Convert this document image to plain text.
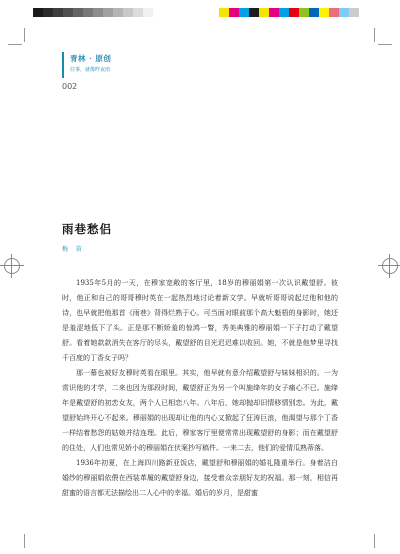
青林 · 原创
往事，就像昨夜雨
002
雨巷愁侣
梅 笛

1935年5月的一天，在穆家宽敞的客厅里，18岁的穆丽娟第一次认识戴望舒。彼时，他正和自己的哥哥穆时英在一起热烈地讨论着新文学。早就听哥哥说起过他和他的诗，也早就把他那首《雨巷》背得烂熟于心。可当面对眼前那个高大魁梧的身影时，她还是羞涩地低下了头。正是那不断娇羞的惊鸿一瞥，秀美典雅的穆丽娟一下子打动了戴望舒。看着她款款消失在客厅的尽头，戴望舒的目光迟迟难以收回。她，不就是他梦里寻找千百度的丁香女子吗？

那一幕也被好友穆时英看在眼里。其实，他早就有意介绍戴望舒与妹妹相识的。一为赏识他的才学，二来也因为那段时间，戴望舒正为另一个叫施绛年的女子痛心不已。施绛年是戴望舒的初恋女友，两个人已相恋八年。八年后，她却抛却旧情移情别恋。为此，戴望舒始终开心不起来。穆丽娟的出现却让他的内心又掀起了狂涛巨浪，他渴望与那个丁香一样结着愁怨的姑娘并结连理。此后，穆家客厅里便常常出现戴望舒的身影；而在戴望舒的住处，人们也常见娇小的穆丽娟在伏案抄写稿件。一来二去，他们的爱情瓜熟蒂落。

1936年初夏，在上海四川路新亚饭店，戴望舒和穆丽娟的婚礼隆重举行。身着洁白婚纱的穆丽娟依偎在西装革履的戴望舒身边，接受着众亲朋好友的祝福。那一刻，相信再甜蜜的语言都无法描绘出二人心中的幸福。婚后的岁月，是甜蜜
